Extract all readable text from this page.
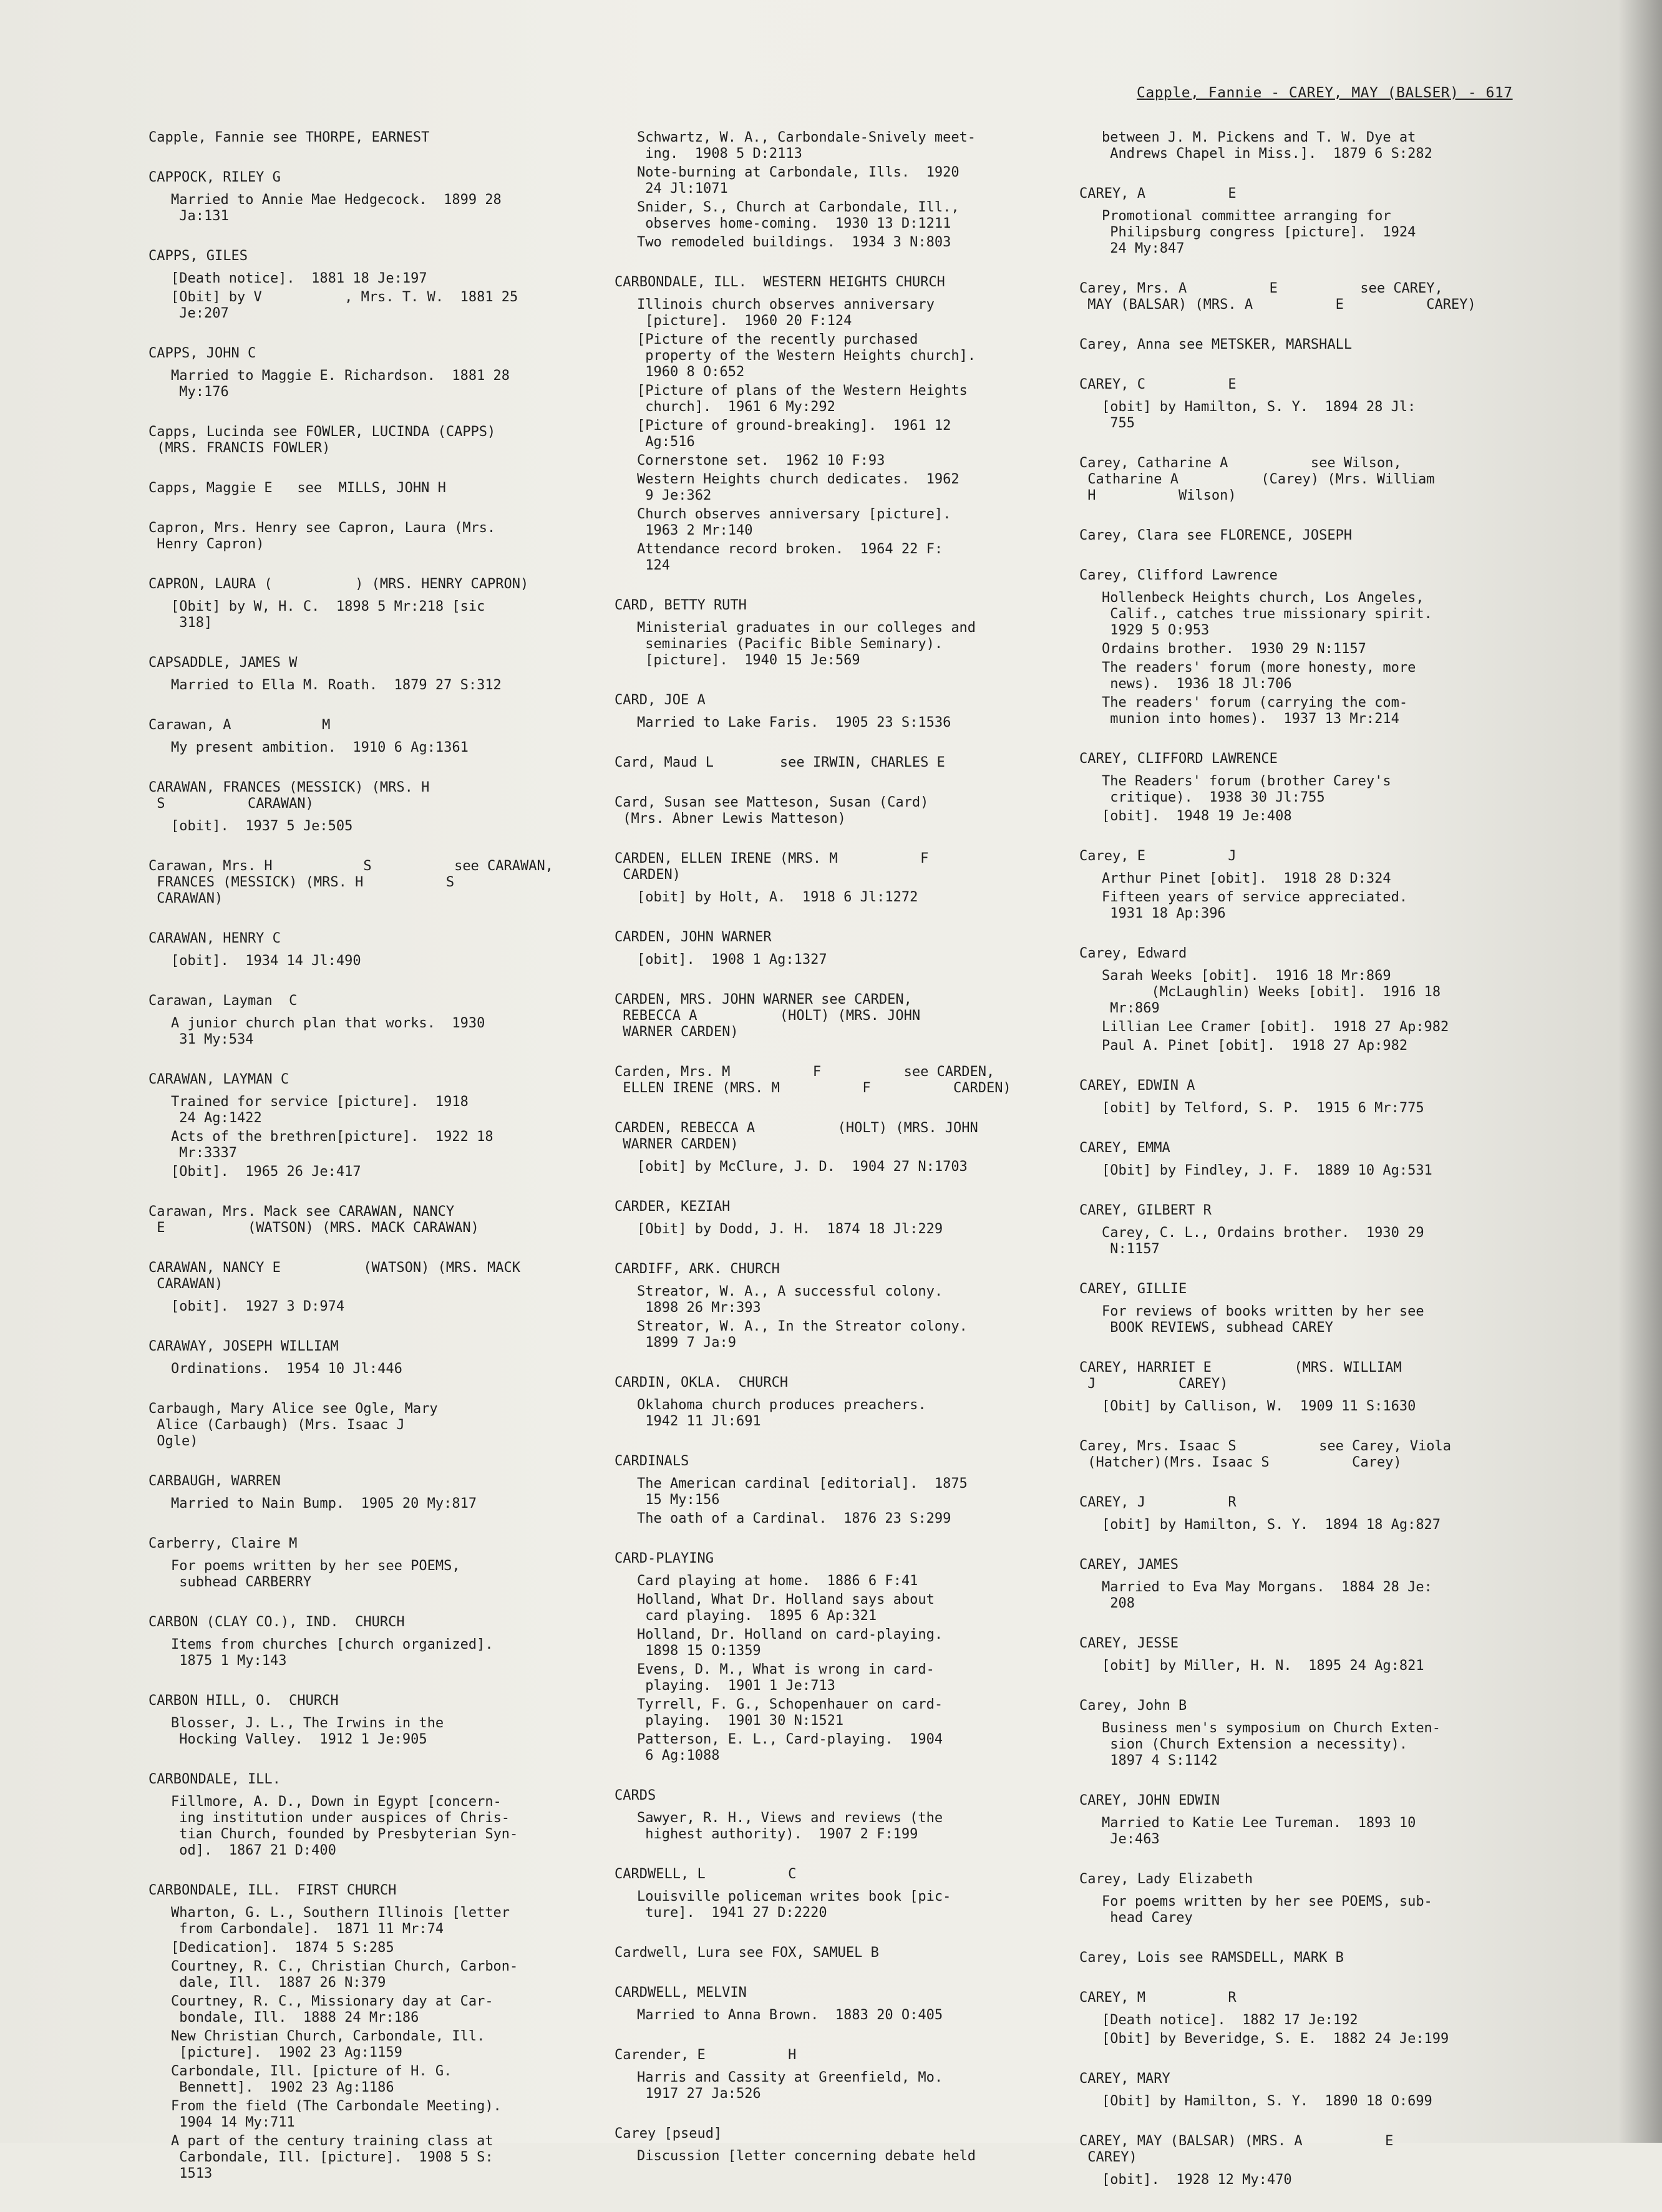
Capple, Fannie - CAREY, MAY (BALSER) - 617
Capple, Fannie see THORPE, EARNEST
CAPPOCK, RILEY G
Married to Annie Mae Hedgecock.  1899 28
Ja:131
CAPPS, GILES
[Death notice].  1881 18 Je:197
[Obit] by V          , Mrs. T. W.  1881 25
Je:207
CAPPS, JOHN C
Married to Maggie E. Richardson.  1881 28
My:176
Capps, Lucinda see FOWLER, LUCINDA (CAPPS)
(MRS. FRANCIS FOWLER)
Capps, Maggie E   see  MILLS, JOHN H
Capron, Mrs. Henry see Capron, Laura (Mrs.
Henry Capron)
CAPRON, LAURA (          ) (MRS. HENRY CAPRON)
[Obit] by W, H. C.  1898 5 Mr:218 [sic
318]
CAPSADDLE, JAMES W
Married to Ella M. Roath.  1879 27 S:312
Carawan, A           M
My present ambition.  1910 6 Ag:1361
CARAWAN, FRANCES (MESSICK) (MRS. H
S          CARAWAN)
[obit].  1937 5 Je:505
Carawan, Mrs. H           S          see CARAWAN,
FRANCES (MESSICK) (MRS. H          S
CARAWAN)
CARAWAN, HENRY C
[obit].  1934 14 Jl:490
Carawan, Layman  C
A junior church plan that works.  1930
31 My:534
CARAWAN, LAYMAN C
Trained for service [picture].  1918
24 Ag:1422
Acts of the brethren[picture].  1922 18
Mr:3337
[Obit].  1965 26 Je:417
Carawan, Mrs. Mack see CARAWAN, NANCY
E          (WATSON) (MRS. MACK CARAWAN)
CARAWAN, NANCY E          (WATSON) (MRS. MACK
CARAWAN)
[obit].  1927 3 D:974
CARAWAY, JOSEPH WILLIAM
Ordinations.  1954 10 Jl:446
Carbaugh, Mary Alice see Ogle, Mary
Alice (Carbaugh) (Mrs. Isaac J
Ogle)
CARBAUGH, WARREN
Married to Nain Bump.  1905 20 My:817
Carberry, Claire M
For poems written by her see POEMS,
subhead CARBERRY
CARBON (CLAY CO.), IND.  CHURCH
Items from churches [church organized].
1875 1 My:143
CARBON HILL, O.  CHURCH
Blosser, J. L., The Irwins in the
Hocking Valley.  1912 1 Je:905
CARBONDALE, ILL.
Fillmore, A. D., Down in Egypt [concern-
ing institution under auspices of Chris-
tian Church, founded by Presbyterian Syn-
od].  1867 21 D:400
CARBONDALE, ILL.  FIRST CHURCH
Wharton, G. L., Southern Illinois [letter
from Carbondale].  1871 11 Mr:74
[Dedication].  1874 5 S:285
Courtney, R. C., Christian Church, Carbon-
dale, Ill.  1887 26 N:379
Courtney, R. C., Missionary day at Car-
bondale, Ill.  1888 24 Mr:186
New Christian Church, Carbondale, Ill.
[picture].  1902 23 Ag:1159
Carbondale, Ill. [picture of H. G.
Bennett].  1902 23 Ag:1186
From the field (The Carbondale Meeting).
1904 14 My:711
A part of the century training class at
Carbondale, Ill. [picture].  1908 5 S:
1513
Schwartz, W. A., Carbondale-Snively meet-
ing.  1908 5 D:2113
Note-burning at Carbondale, Ills.  1920
24 Jl:1071
Snider, S., Church at Carbondale, Ill.,
observes home-coming.  1930 13 D:1211
Two remodeled buildings.  1934 3 N:803
CARBONDALE, ILL.  WESTERN HEIGHTS CHURCH
Illinois church observes anniversary
[picture].  1960 20 F:124
[Picture of the recently purchased
property of the Western Heights church].
1960 8 O:652
[Picture of plans of the Western Heights
church].  1961 6 My:292
[Picture of ground-breaking].  1961 12
Ag:516
Cornerstone set.  1962 10 F:93
Western Heights church dedicates.  1962
9 Je:362
Church observes anniversary [picture].
1963 2 Mr:140
Attendance record broken.  1964 22 F:
124
CARD, BETTY RUTH
Ministerial graduates in our colleges and
seminaries (Pacific Bible Seminary).
[picture].  1940 15 Je:569
CARD, JOE A
Married to Lake Faris.  1905 23 S:1536
Card, Maud L        see IRWIN, CHARLES E
Card, Susan see Matteson, Susan (Card)
(Mrs. Abner Lewis Matteson)
CARDEN, ELLEN IRENE (MRS. M          F
CARDEN)
[obit] by Holt, A.  1918 6 Jl:1272
CARDEN, JOHN WARNER
[obit].  1908 1 Ag:1327
CARDEN, MRS. JOHN WARNER see CARDEN,
REBECCA A          (HOLT) (MRS. JOHN
WARNER CARDEN)
Carden, Mrs. M          F          see CARDEN,
ELLEN IRENE (MRS. M          F          CARDEN)
CARDEN, REBECCA A          (HOLT) (MRS. JOHN
WARNER CARDEN)
[obit] by McClure, J. D.  1904 27 N:1703
CARDER, KEZIAH
[Obit] by Dodd, J. H.  1874 18 Jl:229
CARDIFF, ARK. CHURCH
Streator, W. A., A successful colony.
1898 26 Mr:393
Streator, W. A., In the Streator colony.
1899 7 Ja:9
CARDIN, OKLA.  CHURCH
Oklahoma church produces preachers.
1942 11 Jl:691
CARDINALS
The American cardinal [editorial].  1875
15 My:156
The oath of a Cardinal.  1876 23 S:299
CARD-PLAYING
Card playing at home.  1886 6 F:41
Holland, What Dr. Holland says about
card playing.  1895 6 Ap:321
Holland, Dr. Holland on card-playing.
1898 15 O:1359
Evens, D. M., What is wrong in card-
playing.  1901 1 Je:713
Tyrrell, F. G., Schopenhauer on card-
playing.  1901 30 N:1521
Patterson, E. L., Card-playing.  1904
6 Ag:1088
CARDS
Sawyer, R. H., Views and reviews (the
highest authority).  1907 2 F:199
CARDWELL, L          C
Louisville policeman writes book [pic-
ture].  1941 27 D:2220
Cardwell, Lura see FOX, SAMUEL B
CARDWELL, MELVIN
Married to Anna Brown.  1883 20 O:405
Carender, E          H
Harris and Cassity at Greenfield, Mo.
1917 27 Ja:526
Carey [pseud]
Discussion [letter concerning debate held
between J. M. Pickens and T. W. Dye at
Andrews Chapel in Miss.].  1879 6 S:282
CAREY, A          E
Promotional committee arranging for
Philipsburg congress [picture].  1924
24 My:847
Carey, Mrs. A          E          see CAREY,
MAY (BALSAR) (MRS. A          E          CAREY)
Carey, Anna see METSKER, MARSHALL
CAREY, C          E
[obit] by Hamilton, S. Y.  1894 28 Jl:
755
Carey, Catharine A          see Wilson,
Catharine A          (Carey) (Mrs. William
H          Wilson)
Carey, Clara see FLORENCE, JOSEPH
Carey, Clifford Lawrence
Hollenbeck Heights church, Los Angeles,
Calif., catches true missionary spirit.
1929 5 O:953
Ordains brother.  1930 29 N:1157
The readers' forum (more honesty, more
news).  1936 18 Jl:706
The readers' forum (carrying the com-
munion into homes).  1937 13 Mr:214
CAREY, CLIFFORD LAWRENCE
The Readers' forum (brother Carey's
critique).  1938 30 Jl:755
[obit].  1948 19 Je:408
Carey, E          J
Arthur Pinet [obit].  1918 28 D:324
Fifteen years of service appreciated.
1931 18 Ap:396
Carey, Edward
Sarah Weeks [obit].  1916 18 Mr:869
(McLaughlin) Weeks [obit].  1916 18
Mr:869
Lillian Lee Cramer [obit].  1918 27 Ap:982
Paul A. Pinet [obit].  1918 27 Ap:982
CAREY, EDWIN A
[obit] by Telford, S. P.  1915 6 Mr:775
CAREY, EMMA
[Obit] by Findley, J. F.  1889 10 Ag:531
CAREY, GILBERT R
Carey, C. L., Ordains brother.  1930 29
N:1157
CAREY, GILLIE
For reviews of books written by her see
BOOK REVIEWS, subhead CAREY
CAREY, HARRIET E          (MRS. WILLIAM
J          CAREY)
[Obit] by Callison, W.  1909 11 S:1630
Carey, Mrs. Isaac S          see Carey, Viola
(Hatcher)(Mrs. Isaac S          Carey)
CAREY, J          R
[obit] by Hamilton, S. Y.  1894 18 Ag:827
CAREY, JAMES
Married to Eva May Morgans.  1884 28 Je:
208
CAREY, JESSE
[obit] by Miller, H. N.  1895 24 Ag:821
Carey, John B
Business men's symposium on Church Exten-
sion (Church Extension a necessity).
1897 4 S:1142
CAREY, JOHN EDWIN
Married to Katie Lee Tureman.  1893 10
Je:463
Carey, Lady Elizabeth
For poems written by her see POEMS, sub-
head Carey
Carey, Lois see RAMSDELL, MARK B
CAREY, M          R
[Death notice].  1882 17 Je:192
[Obit] by Beveridge, S. E.  1882 24 Je:199
CAREY, MARY
[Obit] by Hamilton, S. Y.  1890 18 O:699
CAREY, MAY (BALSAR) (MRS. A          E
CAREY)
[obit].  1928 12 My:470
